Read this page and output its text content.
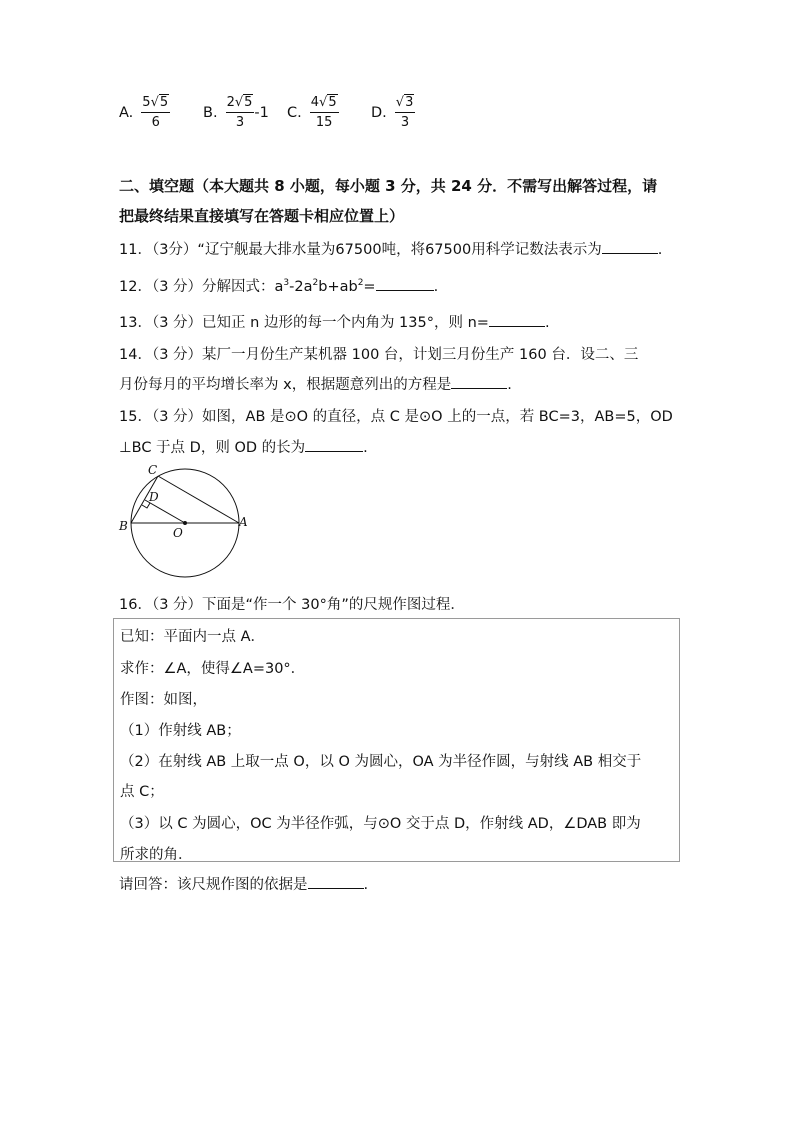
A. $\frac{5√5}{6} B$. $\frac{2√5}{3} -1$ C. $\frac{4√5}{15} D$. $\frac{√3}{3}$
二、填空题（本大题共 8 小题，每小题 3 分，共 24 分．不需写出解答过程，请
把最终结果直接填写在答题卡相应位置上）
11．（3分）“辽宁舰最大排水量为67500吨，将67500用科学记数法表示为	.
12．（3 分）分解因式：$a^3-2a^2b+ab^2=$	.
13．（3 分）已知正 n 边形的每一个内角为 135°，则 n=	.
14．（3 分）某厂一月份生产某机器 100 台，计划三月份生产 160 台．设二、三
月份每月的平均增长率为 x，根据题意列出的方程是	.
15．（3 分）如图，AB 是⊙O 的直径，点 C 是⊙O 上的一点，若 BC=3，AB=5，OD
⊥BC 于点 D，则 OD 的长为	.
C
D
B	O
A
16．（3 分）下面是“作一个 30°角”的尺规作图过程．
已知：平面内一点 A．
求作：∠A，使得∠A=30°．
作图：如图，
（1）作射线 AB；
（2）在射线 AB 上取一点 O，以 O 为圆心，OA 为半径作圆，与射线 AB 相交于
点 C；
（3）以 C 为圆心，OC 为半径作弧，与⊙O 交于点 D，作射线 AD，∠DAB 即为
所求的角．
请回答：该尺规作图的依据是	.
